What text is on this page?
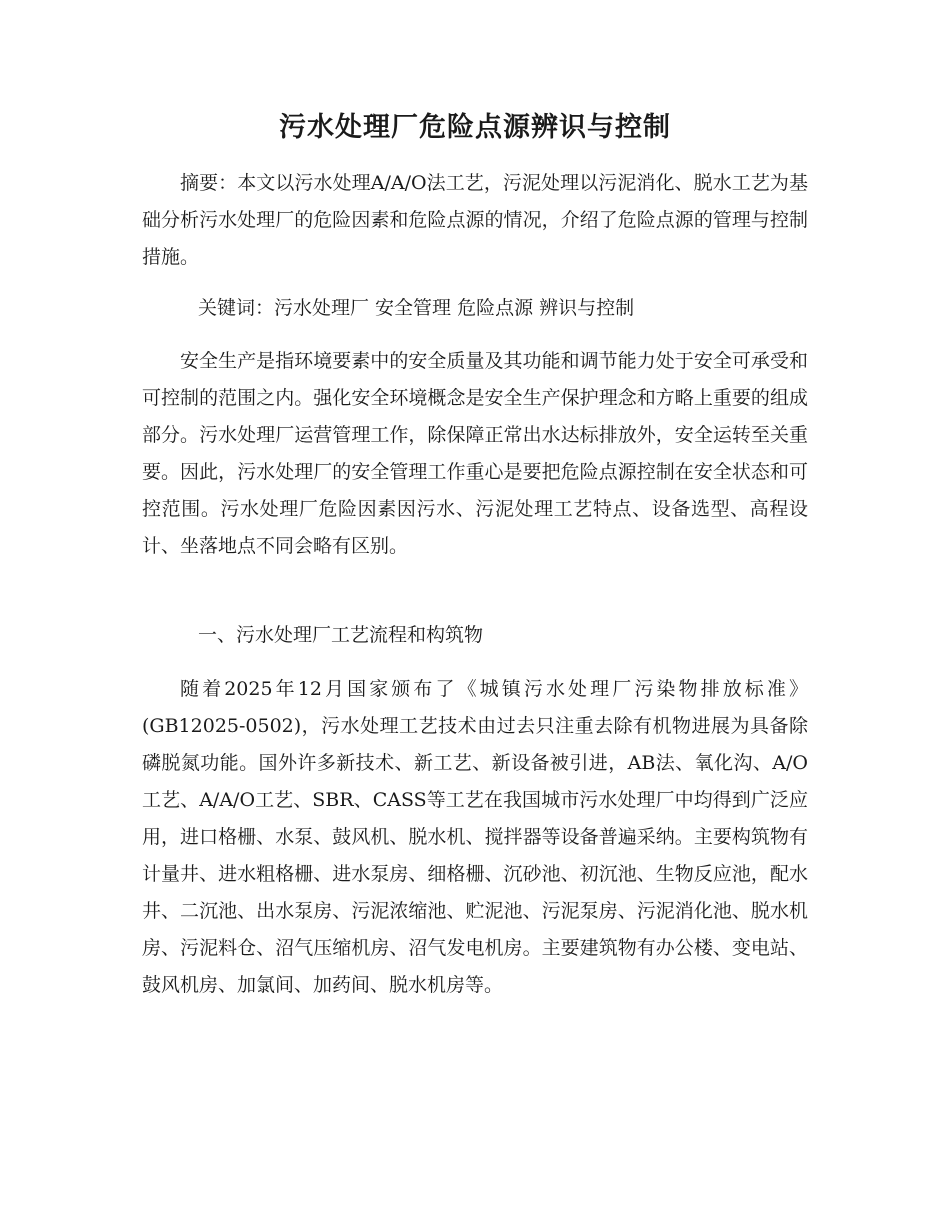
污水处理厂危险点源辨识与控制

摘要：本文以污水处理A/A/O法工艺，污泥处理以污泥消化、脱水工艺为基础分析污水处理厂的危险因素和危险点源的情况，介绍了危险点源的管理与控制措施。

关键词：污水处理厂 安全管理 危险点源 辨识与控制

安全生产是指环境要素中的安全质量及其功能和调节能力处于安全可承受和可控制的范围之内。强化安全环境概念是安全生产保护理念和方略上重要的组成部分。污水处理厂运营管理工作，除保障正常出水达标排放外，安全运转至关重要。因此，污水处理厂的安全管理工作重心是要把危险点源控制在安全状态和可控范围。污水处理厂危险因素因污水、污泥处理工艺特点、设备选型、高程设计、坐落地点不同会略有区别。

一、污水处理厂工艺流程和构筑物

随着2025年12月国家颁布了《城镇污水处理厂污染物排放标准》(GB12025-0502)，污水处理工艺技术由过去只注重去除有机物进展为具备除磷脱氮功能。国外许多新技术、新工艺、新设备被引进，AB法、氧化沟、A/O工艺、A/A/O工艺、SBR、CASS等工艺在我国城市污水处理厂中均得到广泛应用，进口格栅、水泵、鼓风机、脱水机、搅拌器等设备普遍采纳。主要构筑物有计量井、进水粗格栅、进水泵房、细格栅、沉砂池、初沉池、生物反应池，配水井、二沉池、出水泵房、污泥浓缩池、贮泥池、污泥泵房、污泥消化池、脱水机房、污泥料仓、沼气压缩机房、沼气发电机房。主要建筑物有办公楼、变电站、鼓风机房、加氯间、加药间、脱水机房等。
